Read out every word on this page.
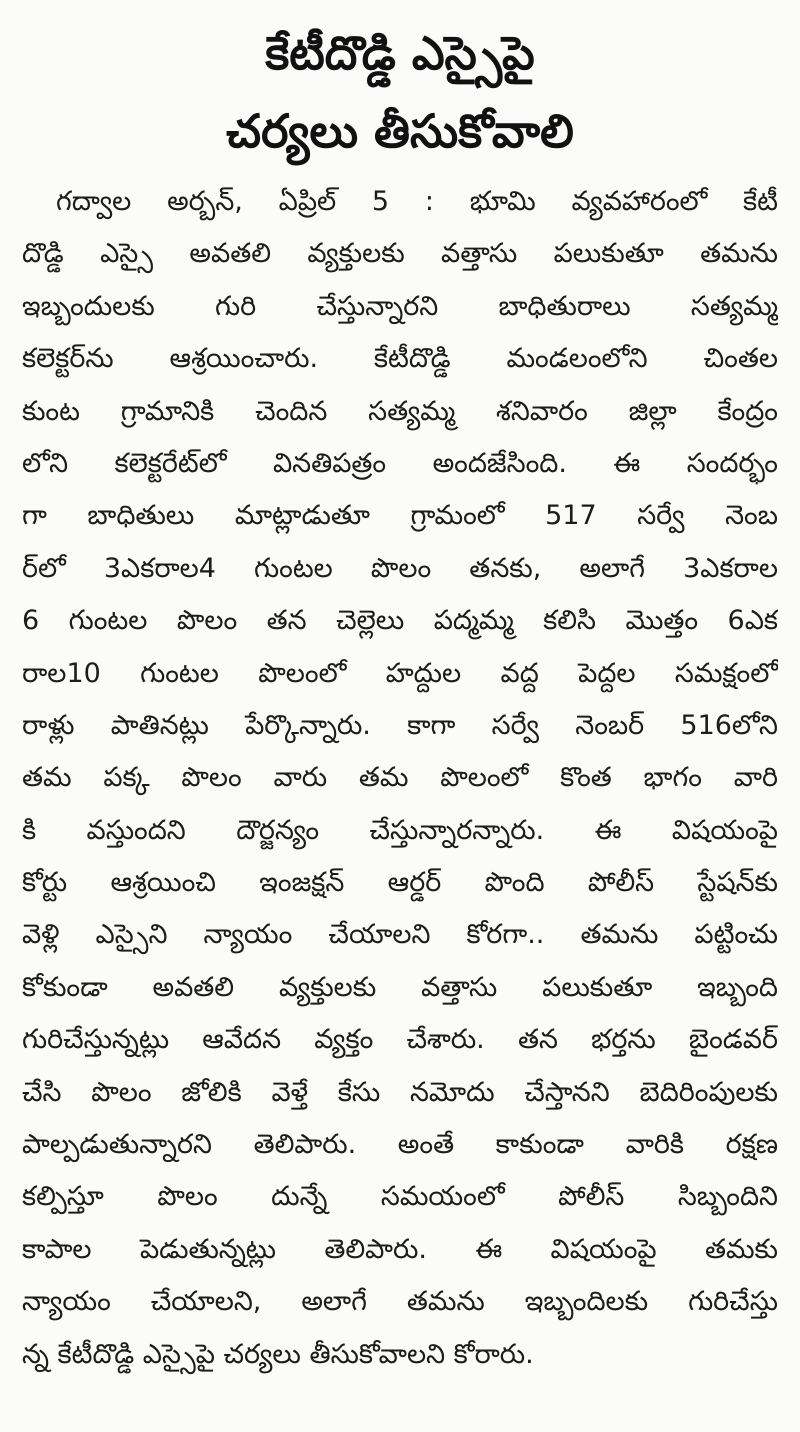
కేటీదొడ్డి ఎస్సైపై
చర్యలు తీసుకోవాలి
గద్వాల అర్బన్, ఏప్రిల్ 5 : భూమి వ్యవహారంలో కేటీ
దొడ్డి ఎస్సై అవతలి వ్యక్తులకు వత్తాసు పలుకుతూ తమను
ఇబ్బందులకు గురి చేస్తున్నారని బాధితురాలు సత్యమ్మ
కలెక్టర్‌ను ఆశ్రయించారు. కేటీదొడ్డి మండలంలోని చింతల
కుంట గ్రామానికి చెందిన సత్యమ్మ శనివారం జిల్లా కేంద్రం
లోని కలెక్టరేట్‌లో వినతిపత్రం అందజేసింది. ఈ సందర్భం
గా బాధితులు మాట్లాడుతూ గ్రామంలో 517 సర్వే నెంబ
ర్‌లో 3ఎకరాల4 గుంటల పొలం తనకు, అలాగే 3ఎకరాల
6 గుంటల పొలం తన చెల్లెలు పద్మమ్మ కలిసి మొత్తం 6ఎక
రాల10 గుంటల పొలంలో హద్దుల వద్ద పెద్దల సమక్షంలో
రాళ్లు పాతినట్లు పేర్కొన్నారు. కాగా సర్వే నెంబర్ 516లోని
తమ పక్క పొలం వారు తమ పొలంలో కొంత భాగం వారి
కి వస్తుందని దౌర్జన్యం చేస్తున్నారన్నారు. ఈ విషయంపై
కోర్టు ఆశ్రయించి ఇంజక్షన్ ఆర్డర్ పొంది పోలీస్ స్టేషన్‌కు
వెళ్లి ఎస్సైని న్యాయం చేయాలని కోరగా.. తమను పట్టించు
కోకుండా అవతలి వ్యక్తులకు వత్తాసు పలుకుతూ ఇబ్బంది
గురిచేస్తున్నట్లు ఆవేదన వ్యక్తం చేశారు. తన భర్తను బైండవర్
చేసి పొలం జోలికి వెళ్తే కేసు నమోదు చేస్తానని బెదిరింపులకు
పాల్పడుతున్నారని తెలిపారు. అంతే కాకుండా వారికి రక్షణ
కల్పిస్తూ పొలం దున్నే సమయంలో పోలీస్ సిబ్బందిని
కాపాల పెడుతున్నట్లు తెలిపారు. ఈ విషయంపై తమకు
న్యాయం చేయాలని, అలాగే తమను ఇబ్బందిలకు గురిచేస్తు
న్న కేటీదొడ్డి ఎస్సైపై చర్యలు తీసుకోవాలని కోరారు.
